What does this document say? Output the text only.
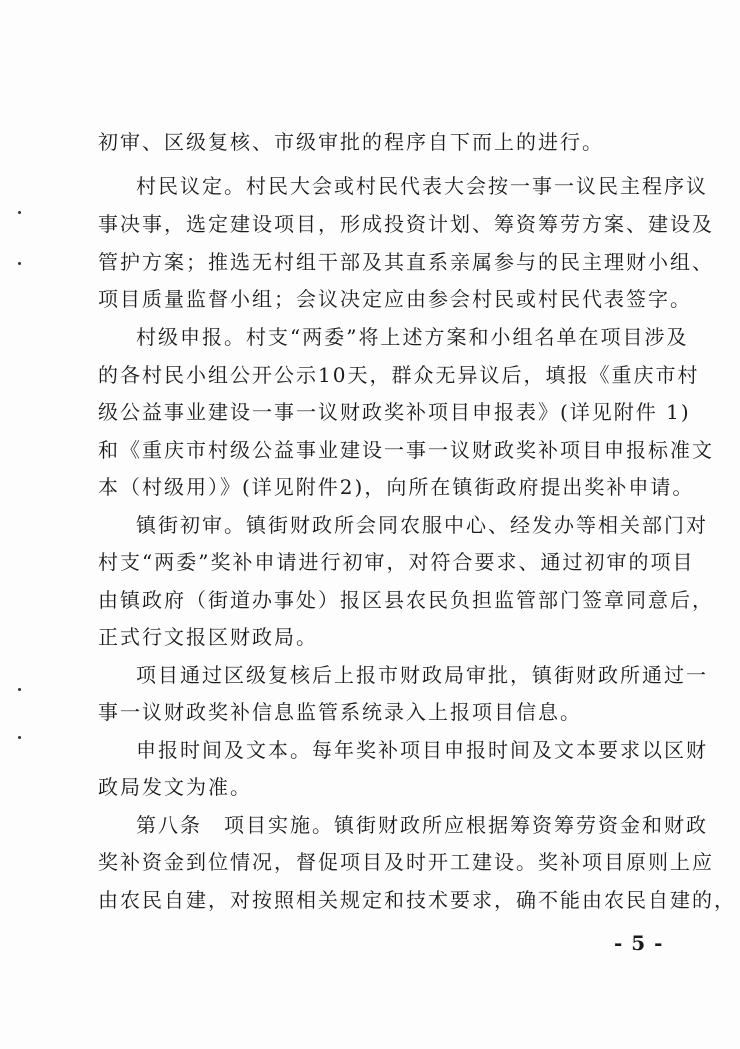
初审、区级复核、市级审批的程序自下而上的进行。
村民议定。村民大会或村民代表大会按一事一议民主程序议
事决事，选定建设项目，形成投资计划、筹资筹劳方案、建设及
管护方案；推选无村组干部及其直系亲属参与的民主理财小组、
项目质量监督小组；会议决定应由参会村民或村民代表签字。
村级申报。村支“两委”将上述方案和小组名单在项目涉及
的各村民小组公开公示10天，群众无异议后，填报《重庆市村
级公益事业建设一事一议财政奖补项目申报表》(详见附件 1)
和《重庆市村级公益事业建设一事一议财政奖补项目申报标准文
本（村级用）》(详见附件2)，向所在镇街政府提出奖补申请。
镇街初审。镇街财政所会同农服中心、经发办等相关部门对
村支“两委”奖补申请进行初审，对符合要求、通过初审的项目
由镇政府（街道办事处）报区县农民负担监管部门签章同意后，
正式行文报区财政局。
项目通过区级复核后上报市财政局审批，镇街财政所通过一
事一议财政奖补信息监管系统录入上报项目信息。
申报时间及文本。每年奖补项目申报时间及文本要求以区财
政局发文为准。
第八条　项目实施。镇街财政所应根据筹资筹劳资金和财政
奖补资金到位情况，督促项目及时开工建设。奖补项目原则上应
由农民自建，对按照相关规定和技术要求，确不能由农民自建的，
- 5 -
